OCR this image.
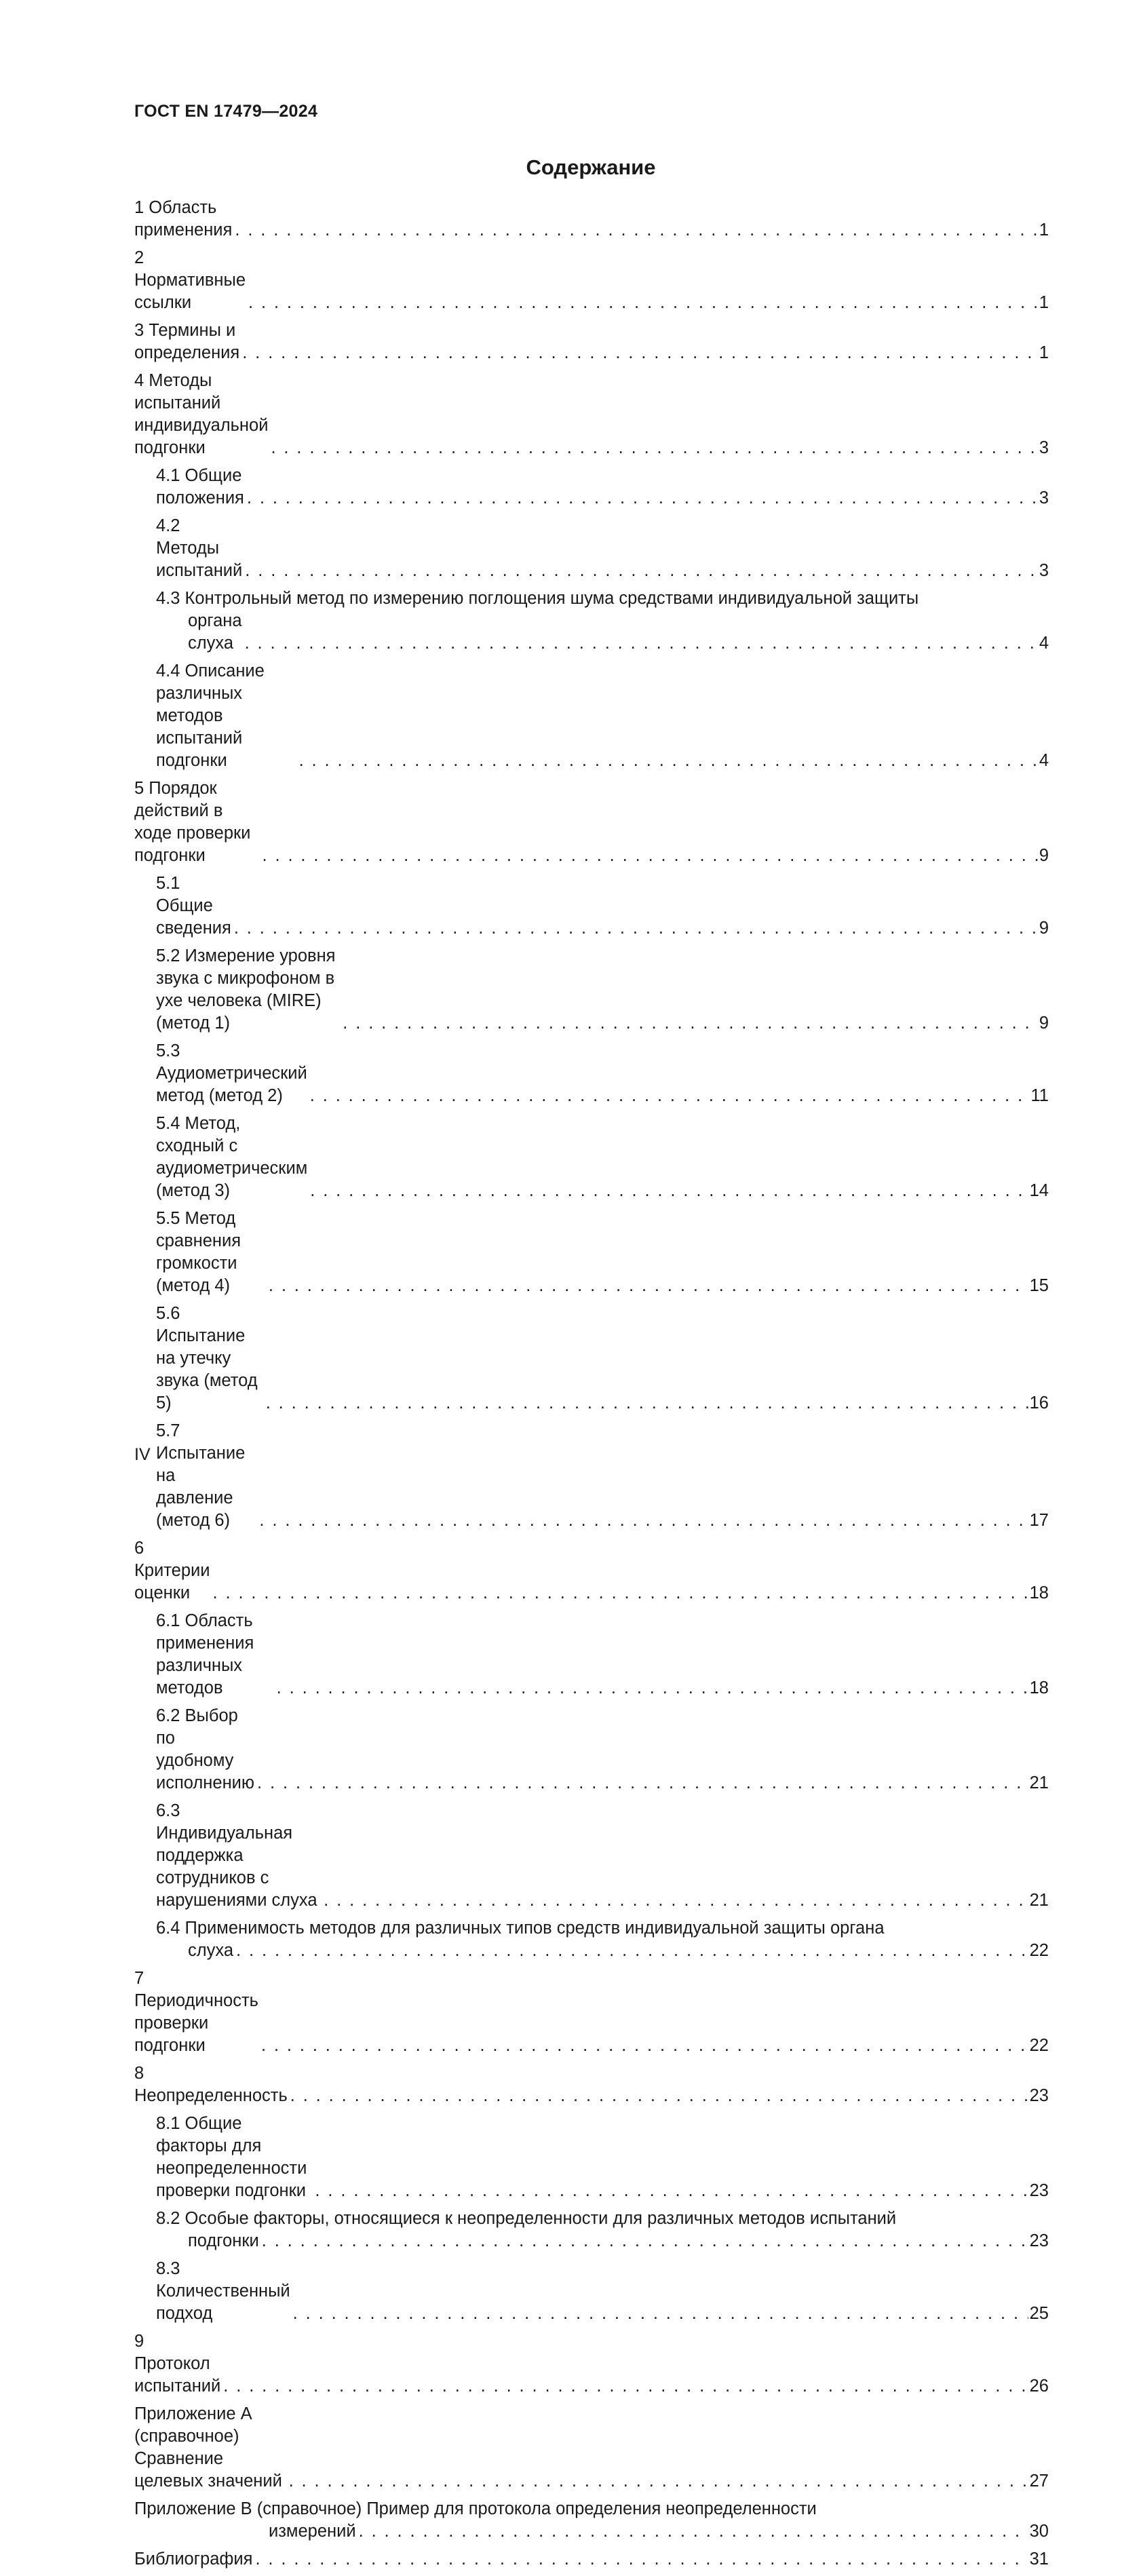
ГОСТ EN 17479—2024
Содержание
1 Область применения . . .	1
2 Нормативные ссылки . . .	1
3 Термины и определения . . .	1
4 Методы испытаний индивидуальной подгонки . . .	3
4.1 Общие положения . . .	3
4.2 Методы испытаний . . .	3
4.3 Контрольный метод по измерению поглощения шума средствами индивидуальной защиты
органа слуха . . .	4
4.4 Описание различных методов испытаний подгонки . . .	4
5 Порядок действий в ходе проверки подгонки . . .	9
5.1 Общие сведения . . .	9
5.2 Измерение уровня звука с микрофоном в ухе человека (MIRE) (метод 1) . . .	9
5.3 Аудиометрический метод (метод 2) . . .	11
5.4 Метод, сходный с аудиометрическим (метод 3) . . .	14
5.5 Метод сравнения громкости (метод 4) . . .	15
5.6 Испытание на утечку звука (метод 5) . . .	16
5.7 Испытание на давление (метод 6) . . .	17
6 Критерии оценки . . .	18
6.1 Область применения различных методов . . .	18
6.2 Выбор по удобному исполнению . . .	21
6.3 Индивидуальная поддержка сотрудников с нарушениями слуха . . .	21
6.4 Применимость методов для различных типов средств индивидуальной защиты органа
слуха . . .	22
7 Периодичность проверки подгонки . . .	22
8 Неопределенность . . .	23
8.1 Общие факторы для неопределенности проверки подгонки . . .	23
8.2 Особые факторы, относящиеся к неопределенности для различных методов испытаний
подгонки . . .	23
8.3 Количественный подход . . .	25
9 Протокол испытаний . . .	26
Приложение А (справочное) Сравнение целевых значений . . .	27
Приложение В (справочное) Пример для протокола определения неопределенности
измерений . . .	30
Библиография . . .	31
IV
